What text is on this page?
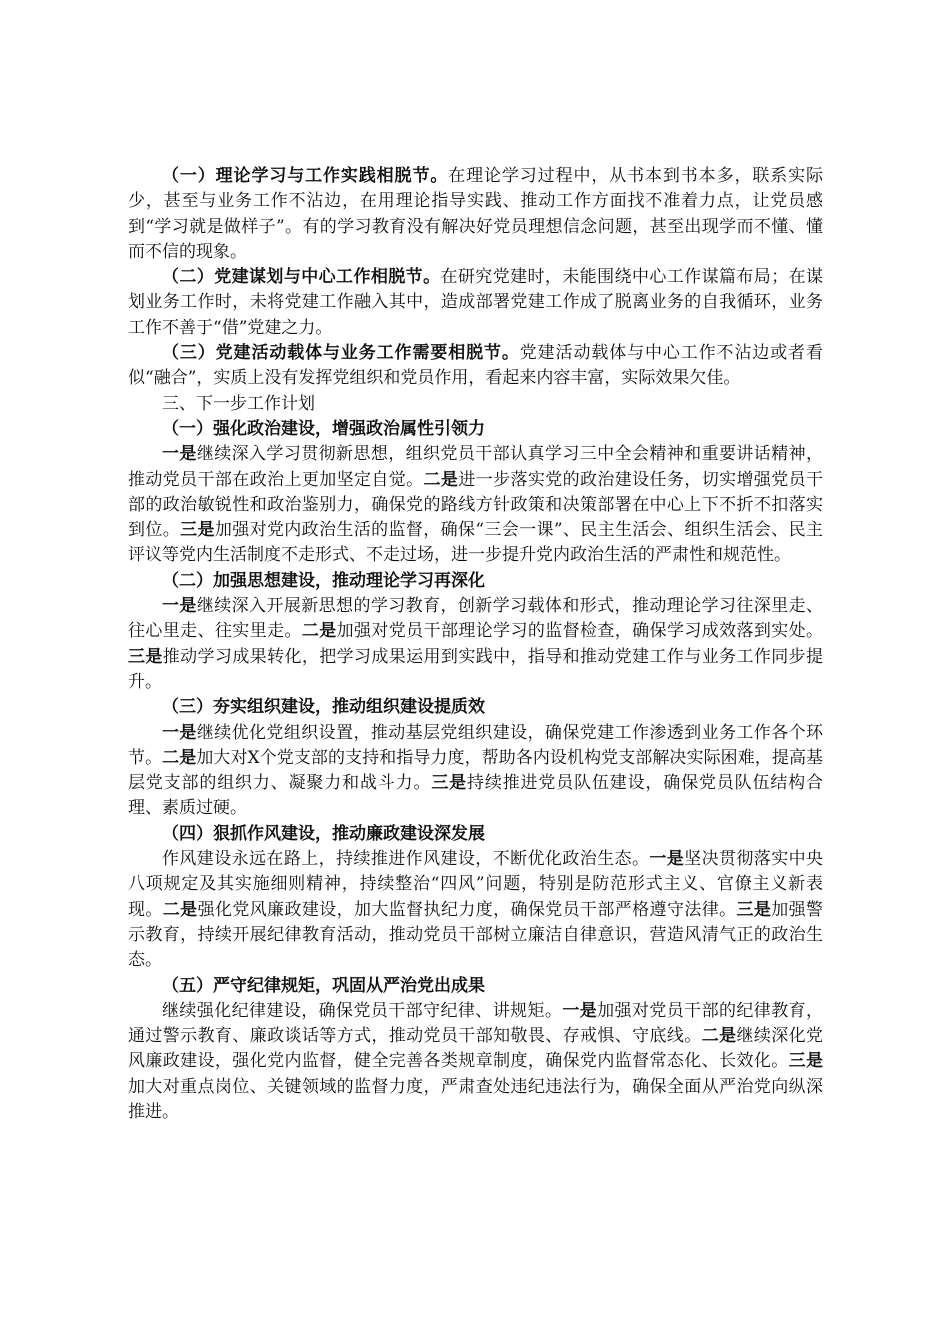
（一）理论学习与工作实践相脱节。在理论学习过程中，从书本到书本多，联系实际少，甚至与业务工作不沾边，在用理论指导实践、推动工作方面找不准着力点，让党员感到“学习就是做样子”。有的学习教育没有解决好党员理想信念问题，甚至出现学而不懂、懂而不信的现象。

（二）党建谋划与中心工作相脱节。在研究党建时，未能围绕中心工作谋篇布局；在谋划业务工作时，未将党建工作融入其中，造成部署党建工作成了脱离业务的自我循环，业务工作不善于“借”党建之力。

（三）党建活动载体与业务工作需要相脱节。党建活动载体与中心工作不沾边或者看似“融合”，实质上没有发挥党组织和党员作用，看起来内容丰富，实际效果欠佳。

三、下一步工作计划
（一）强化政治建设，增强政治属性引领力

一是继续深入学习贯彻新思想，组织党员干部认真学习三中全会精神和重要讲话精神，推动党员干部在政治上更加坚定自觉。二是进一步落实党的政治建设任务，切实增强党员干部的政治敏锐性和政治鉴别力，确保党的路线方针政策和决策部署在中心上下不折不扣落实到位。三是加强对党内政治生活的监督，确保“三会一课”、民主生活会、组织生活会、民主评议等党内生活制度不走形式、不走过场，进一步提升党内政治生活的严肃性和规范性。

（二）加强思想建设，推动理论学习再深化

一是继续深入开展新思想的学习教育，创新学习载体和形式，推动理论学习往深里走、往心里走、往实里走。二是加强对党员干部理论学习的监督检查，确保学习成效落到实处。三是推动学习成果转化，把学习成果运用到实践中，指导和推动党建工作与业务工作同步提升。

（三）夯实组织建设，推动组织建设提质效

一是继续优化党组织设置，推动基层党组织建设，确保党建工作渗透到业务工作各个环节。二是加大对X个党支部的支持和指导力度，帮助各内设机构党支部解决实际困难，提高基层党支部的组织力、凝聚力和战斗力。三是持续推进党员队伍建设，确保党员队伍结构合理、素质过硬。

（四）狠抓作风建设，推动廉政建设深发展

作风建设永远在路上，持续推进作风建设，不断优化政治生态。一是坚决贯彻落实中央八项规定及其实施细则精神，持续整治“四风”问题，特别是防范形式主义、官僚主义新表现。二是强化党风廉政建设，加大监督执纪力度，确保党员干部严格遵守法律。三是加强警示教育，持续开展纪律教育活动，推动党员干部树立廉洁自律意识，营造风清气正的政治生态。

（五）严守纪律规矩，巩固从严治党出成果

继续强化纪律建设，确保党员干部守纪律、讲规矩。一是加强对党员干部的纪律教育，通过警示教育、廉政谈话等方式，推动党员干部知敬畏、存戒惧、守底线。二是继续深化党风廉政建设，强化党内监督，健全完善各类规章制度，确保党内监督常态化、长效化。三是加大对重点岗位、关键领域的监督力度，严肃查处违纪违法行为，确保全面从严治党向纵深推进。
